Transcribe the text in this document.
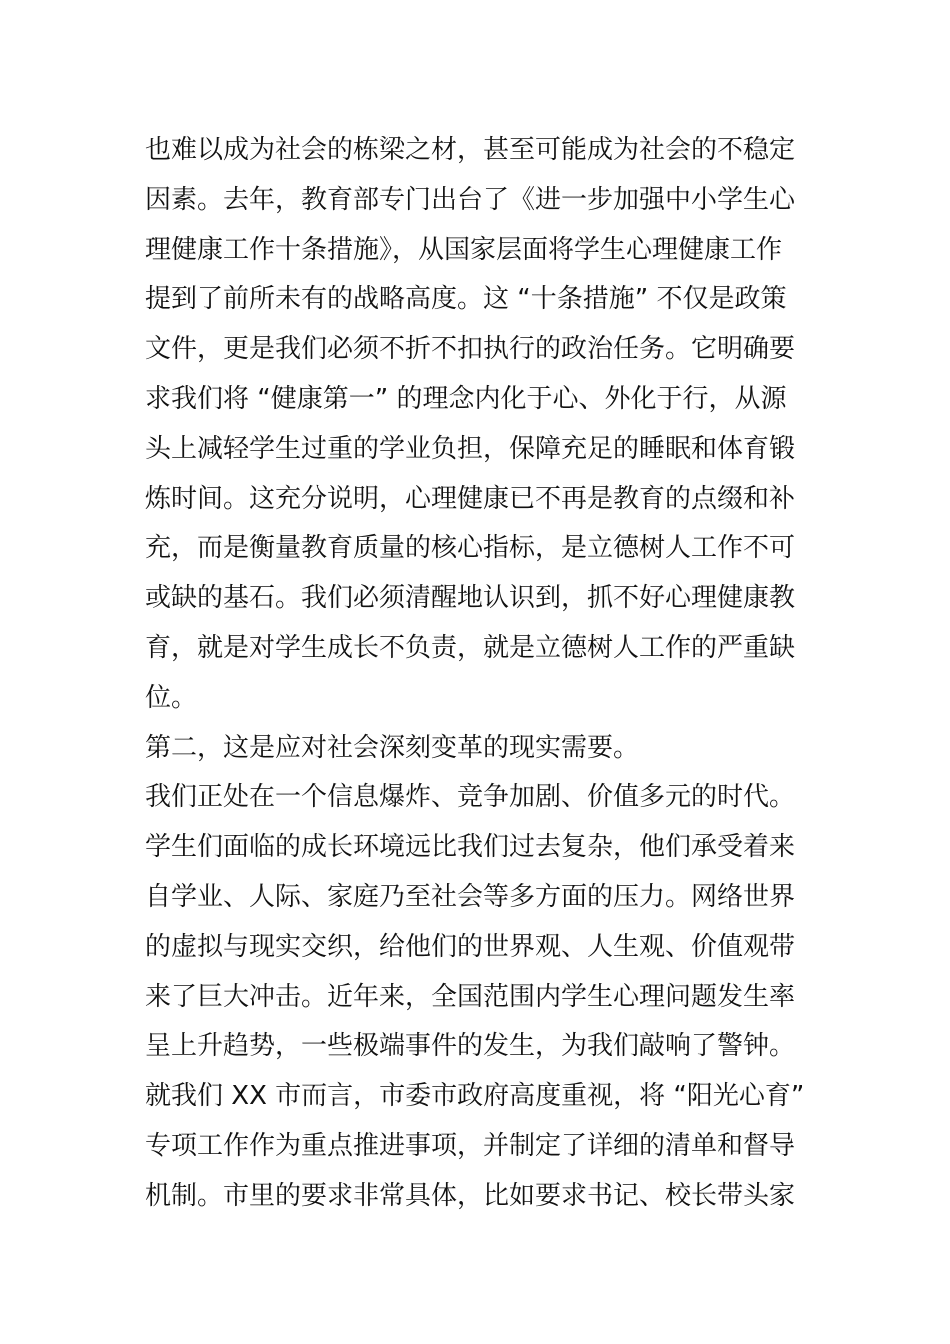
也难以成为社会的栋梁之材，甚至可能成为社会的不稳定
因素。去年，教育部专门出台了《进一步加强中小学生心
理健康工作十条措施》，从国家层面将学生心理健康工作
提到了前所未有的战略高度。这 “十条措施” 不仅是政策
文件，更是我们必须不折不扣执行的政治任务。它明确要
求我们将 “健康第一” 的理念内化于心、外化于行，从源
头上减轻学生过重的学业负担，保障充足的睡眠和体育锻
炼时间。这充分说明，心理健康已不再是教育的点缀和补
充，而是衡量教育质量的核心指标，是立德树人工作不可
或缺的基石。我们必须清醒地认识到，抓不好心理健康教
育，就是对学生成长不负责，就是立德树人工作的严重缺
位。
第二，这是应对社会深刻变革的现实需要。
我们正处在一个信息爆炸、竞争加剧、价值多元的时代。
学生们面临的成长环境远比我们过去复杂，他们承受着来
自学业、人际、家庭乃至社会等多方面的压力。网络世界
的虚拟与现实交织，给他们的世界观、人生观、价值观带
来了巨大冲击。近年来，全国范围内学生心理问题发生率
呈上升趋势，一些极端事件的发生，为我们敲响了警钟。
就我们 XX 市而言，市委市政府高度重视，将 “阳光心育”
专项工作作为重点推进事项，并制定了详细的清单和督导
机制。市里的要求非常具体，比如要求书记、校长带头家
